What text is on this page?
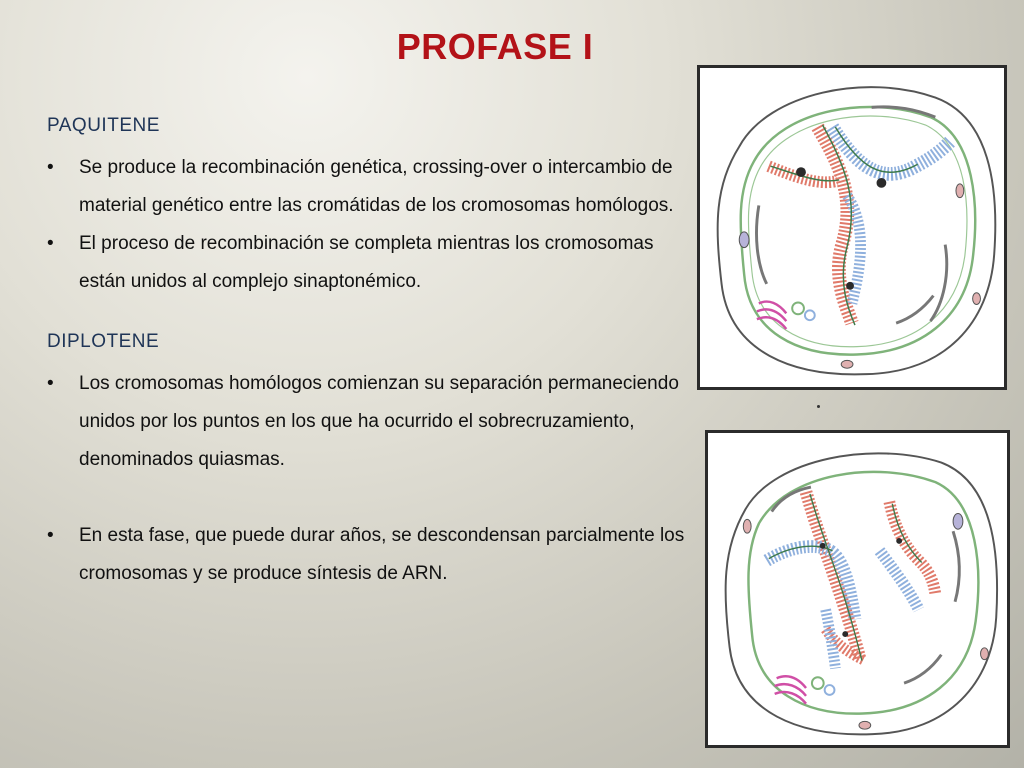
PROFASE I
PAQUITENE
• Se produce la recombinación genética, crossing-over o intercambio de material genético entre las cromátidas de los cromosomas homólogos.
• El proceso de recombinación se completa mientras los cromosomas están unidos al complejo sinaptonémico.
DIPLOTENE
• Los cromosomas homólogos comienzan su separación permaneciendo unidos por los puntos en los que ha ocurrido el sobrecruzamiento, denominados quiasmas.
• En esta fase, que puede durar años, se descondensan parcialmente los cromosomas y se produce síntesis de ARN.
